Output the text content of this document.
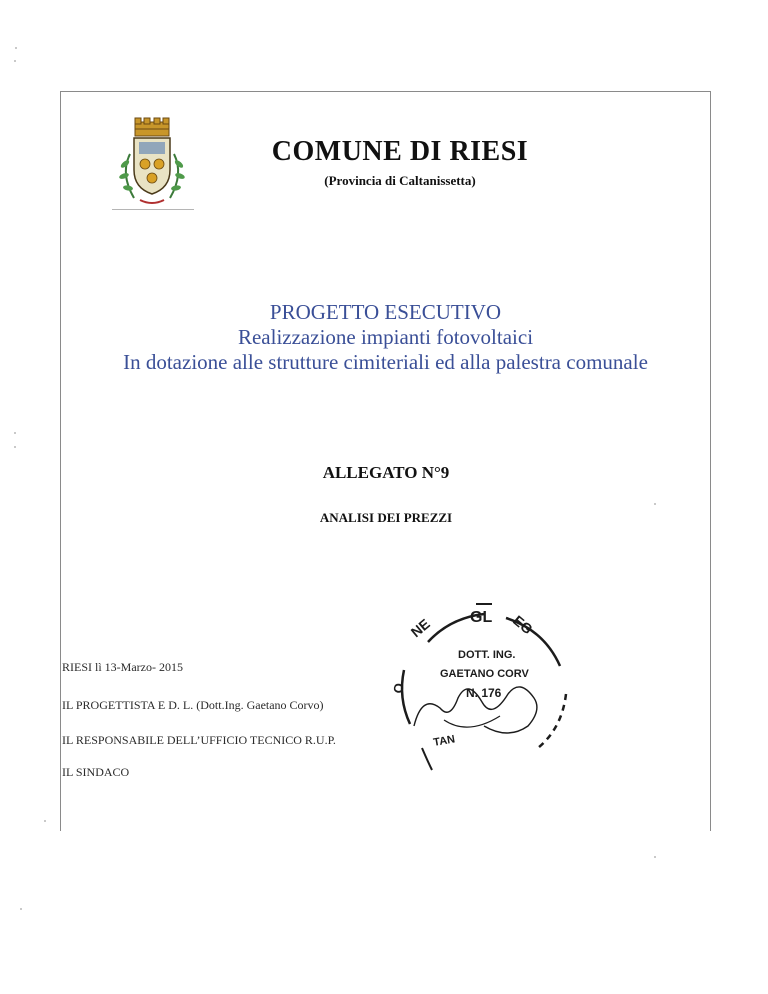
COMUNE DI RIESI
(Provincia di Caltanissetta)
PROGETTO ESECUTIVO
Realizzazione impianti fotovoltaici
In dotazione alle strutture cimiteriali ed alla palestra comunale
ALLEGATO N°9
ANALISI DEI PREZZI
RIESI lì 13-Marzo- 2015
IL PROGETTISTA E D. L. (Dott.Ing. Gaetano Corvo)
IL RESPONSABILE DELL’UFFICIO TECNICO R.U.P.
IL SINDACO
NE GL EG
O
TAN
DOTT. ING.
GAETANO CORV
N. 176
